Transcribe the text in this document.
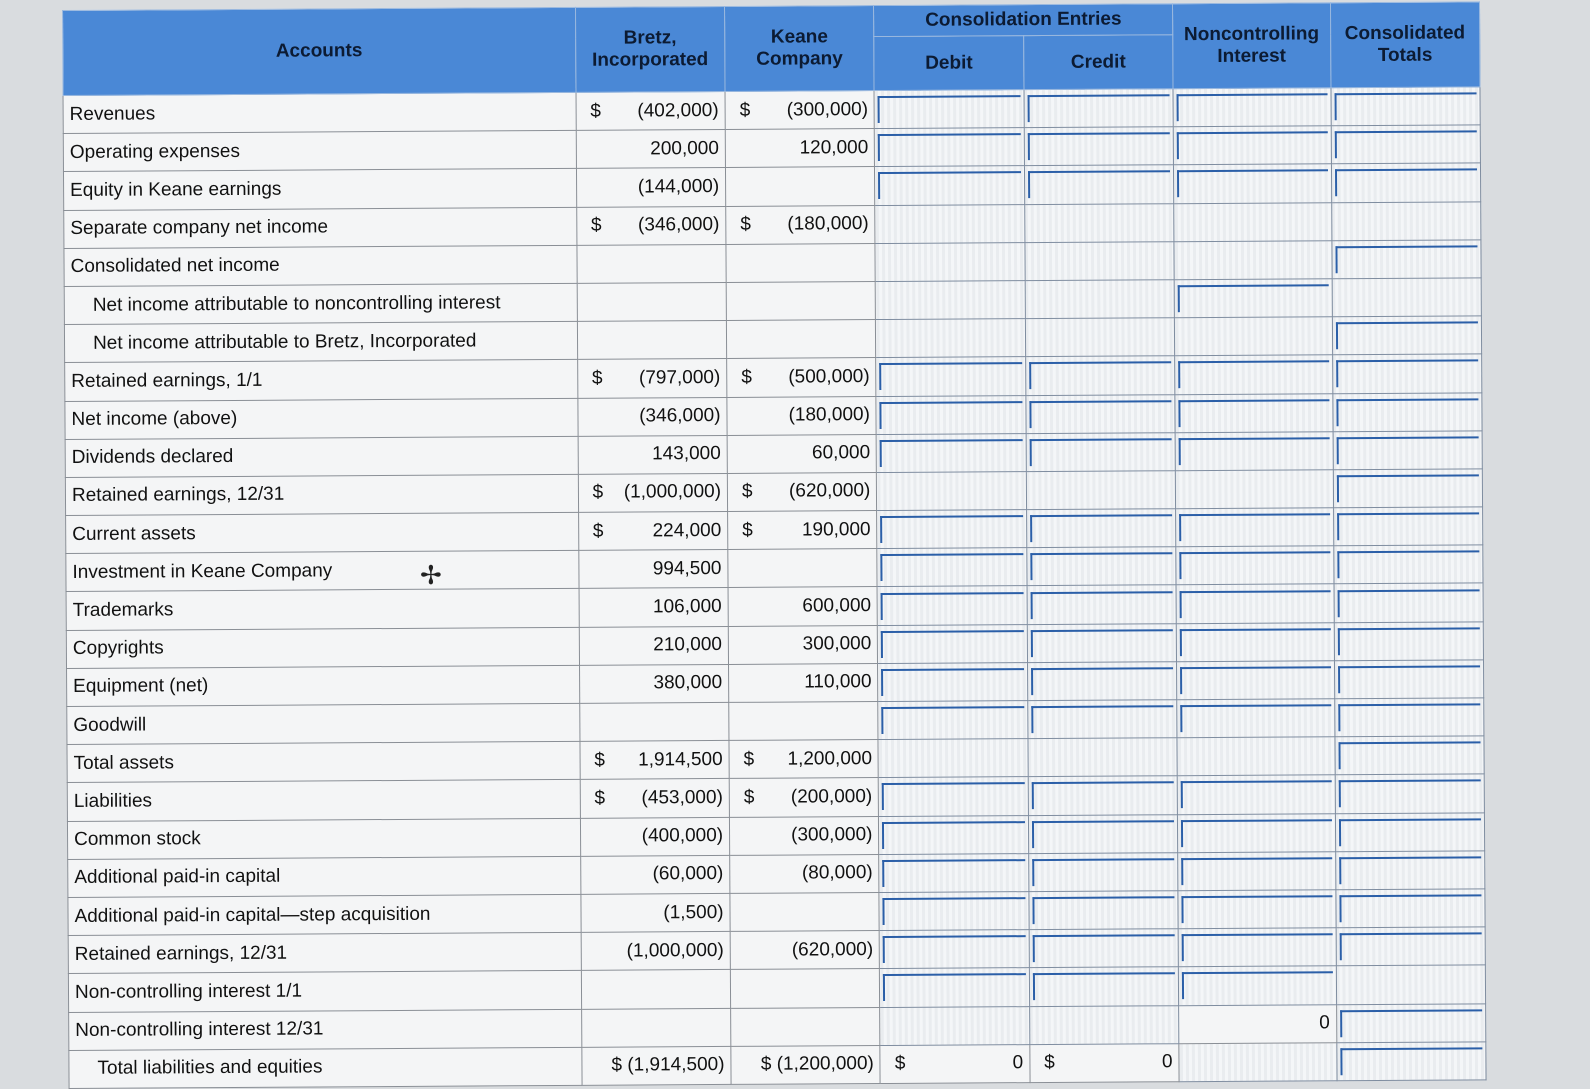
Accounts	Bretz, Incorporated	Keane Company	Consolidation Entries		Noncontrolling Interest	Consolidated Totals
			Debit	Credit		
Revenues	$ (402,000)	$ (300,000)	

Operating expenses	200,000	120,000	

Equity in Keane earnings	(144,000)	

Separate company net income	$ (346,000)	$ (180,000)	

Consolidated net income	

Net income attributable to noncontrolling interest	

Net income attributable to Bretz, Incorporated	

Retained earnings, 1/1	$ (797,000)	$ (500,000)	

Net income (above)	(346,000)	(180,000)	

Dividends declared	143,000	60,000	

Retained earnings, 12/31	$ (1,000,000)	$ (620,000)	

Current assets	$ 224,000	$ 190,000	

Investment in Keane Company	994,500	

Trademarks	106,000	600,000	

Copyrights	210,000	300,000	

Equipment (net)	380,000	110,000	

Goodwill	

Total assets	$ 1,914,500	$ 1,200,000	

Liabilities	$ (453,000)	$ (200,000)	

Common stock	(400,000)	(300,000)	

Additional paid-in capital	(60,000)	(80,000)	

Additional paid-in capital—step acquisition	(1,500)	

Retained earnings, 12/31	(1,000,000)	(620,000)	

Non-controlling interest 1/1	

Non-controlling interest 12/31					0	

Total liabilities and equities	$ (1,914,500)	$ (1,200,000)	$ 0	$ 0	

✢
